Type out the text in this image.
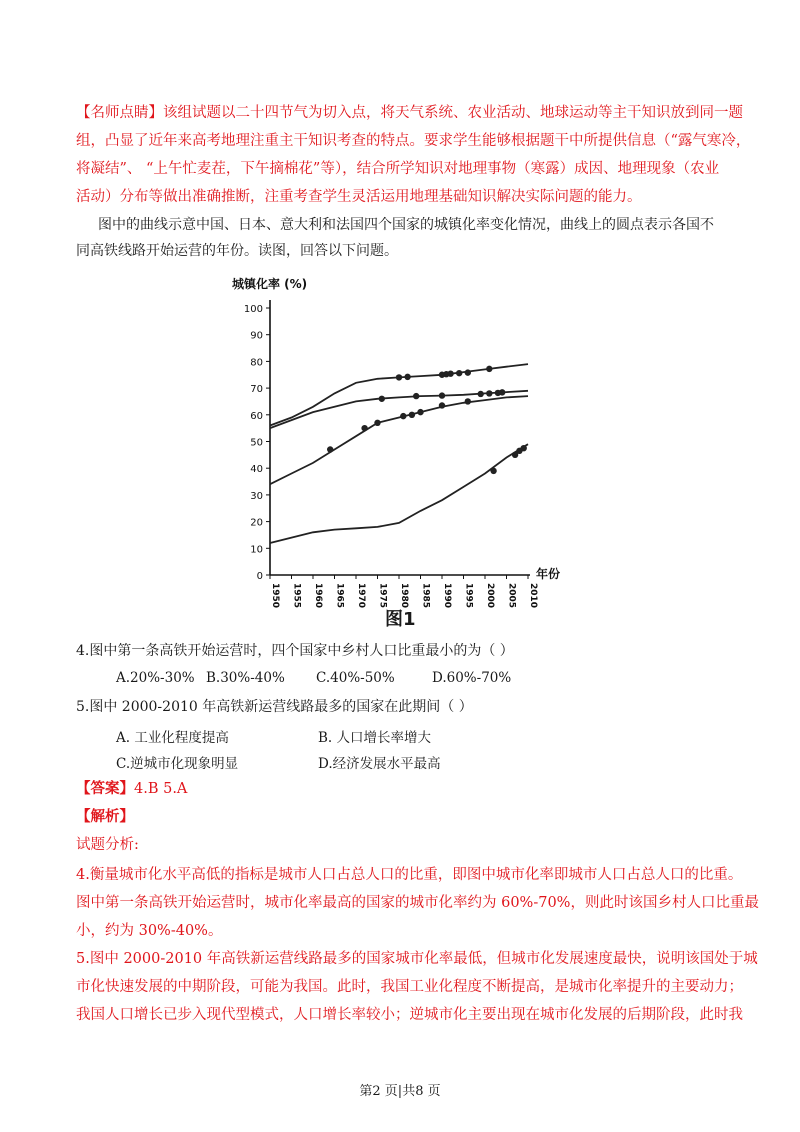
【名师点睛】该组试题以二十四节气为切入点，将天气系统、农业活动、地球运动等主干知识放到同一题
组，凸显了近年来高考地理注重主干知识考查的特点。要求学生能够根据题干中所提供信息（“露气寒冷，
将凝结”、 “上午忙麦茬，下午摘棉花”等），结合所学知识对地理事物（寒露）成因、地理现象（农业
活动）分布等做出准确推断，注重考查学生灵活运用地理基础知识解决实际问题的能力。
图中的曲线示意中国、日本、意大利和法国四个国家的城镇化率变化情况，曲线上的圆点表示各国不
同高铁线路开始运营的年份。读图，回答以下问题。
0
10
20
30
40
50
60
70
80
90
100
1950 1955 1960 1965 1970 1975 1980 1985 1990 1995 2000 2005 2010
城镇化率 (%)
年份
图1
4.图中第一条高铁开始运营时，四个国家中乡村人口比重最小的为（ ）
A.20%-30% B.30%-40% C.40%-50%	D.60%-70%
5.图中 2000-2010 年高铁新运营线路最多的国家在此期间（ ）
A. 工业化程度提高	B. 人口增长率增大
C.逆城市化现象明显	D.经济发展水平最高
【答案】4.B 5.A
【解析】
试题分析:
4.衡量城市化水平高低的指标是城市人口占总人口的比重，即图中城市化率即城市人口占总人口的比重。
图中第一条高铁开始运营时，城市化率最高的国家的城市化率约为 60%-70%，则此时该国乡村人口比重最
小，约为 30%-40%。
5.图中 2000-2010 年高铁新运营线路最多的国家城市化率最低，但城市化发展速度最快，说明该国处于城
市化快速发展的中期阶段，可能为我国。此时，我国工业化程度不断提高，是城市化率提升的主要动力；
我国人口增长已步入现代型模式，人口增长率较小；逆城市化主要出现在城市化发展的后期阶段，此时我
第2 页|共8 页
